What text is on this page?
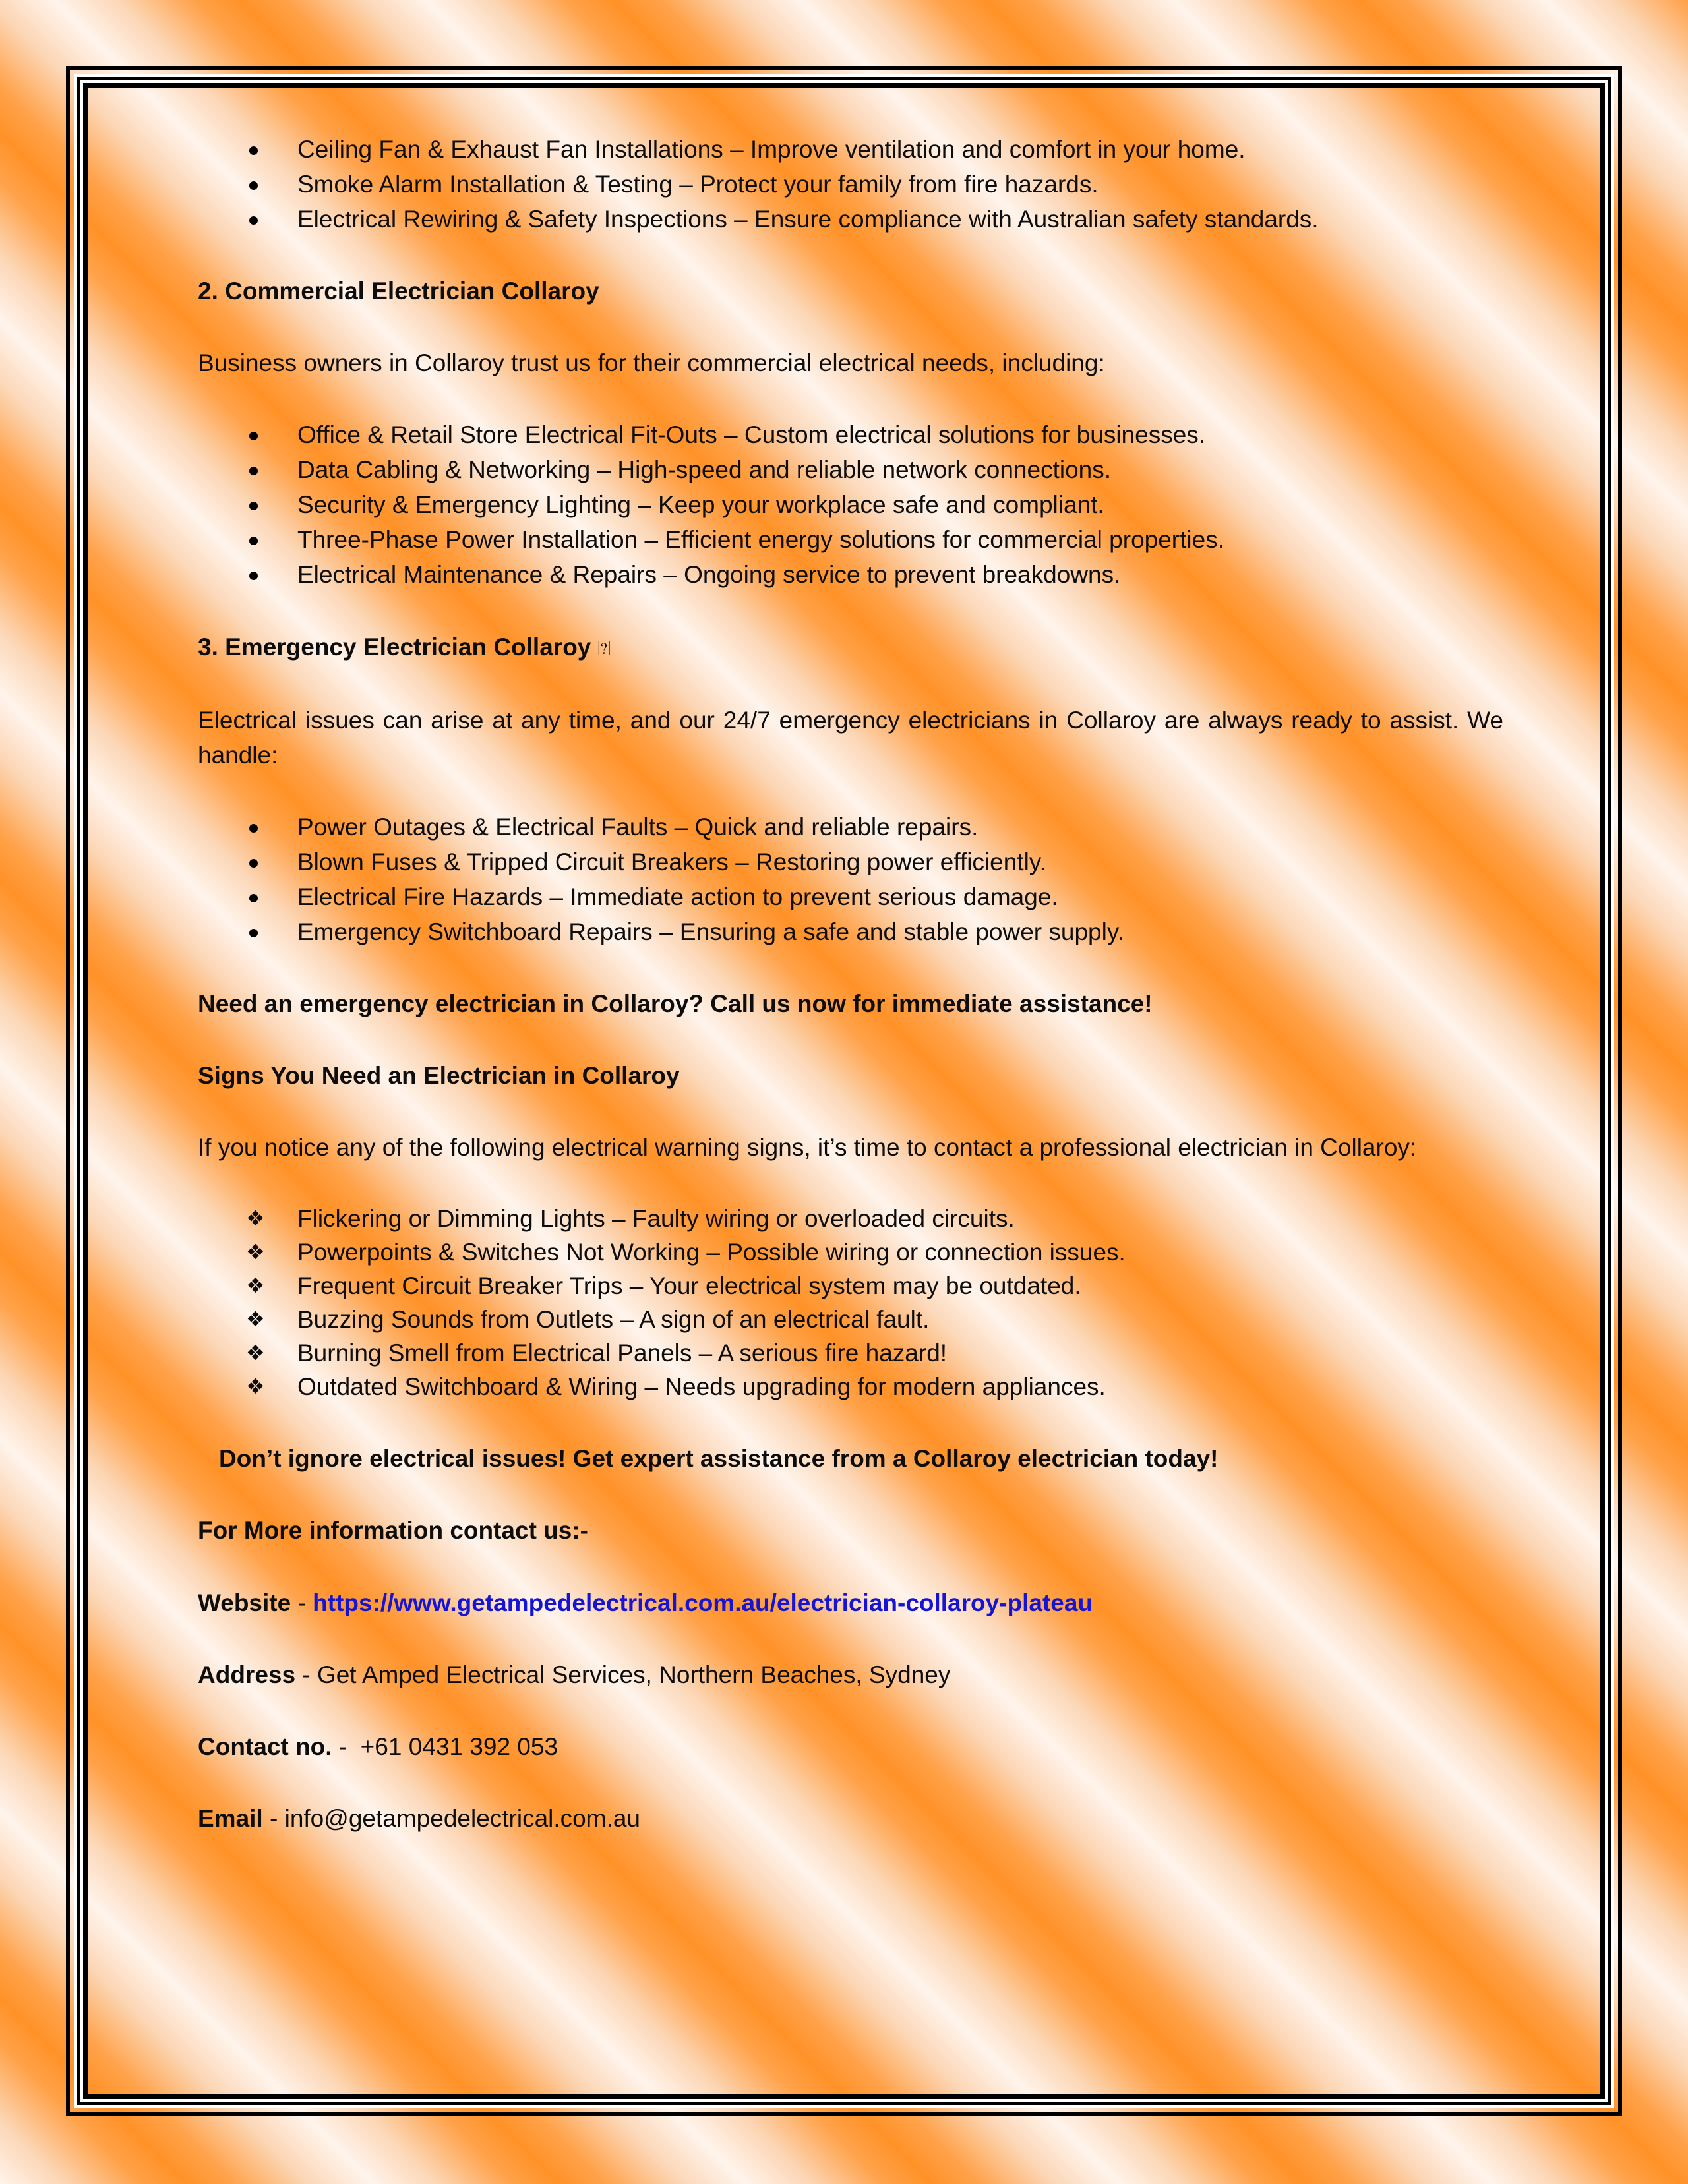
Ceiling Fan & Exhaust Fan Installations – Improve ventilation and comfort in your home.
Smoke Alarm Installation & Testing – Protect your family from fire hazards.
Electrical Rewiring & Safety Inspections – Ensure compliance with Australian safety standards.

2. Commercial Electrician Collaroy

Business owners in Collaroy trust us for their commercial electrical needs, including:

Office & Retail Store Electrical Fit-Outs – Custom electrical solutions for businesses.
Data Cabling & Networking – High-speed and reliable network connections.
Security & Emergency Lighting – Keep your workplace safe and compliant.
Three-Phase Power Installation – Efficient energy solutions for commercial properties.
Electrical Maintenance & Repairs – Ongoing service to prevent breakdowns.

3. Emergency Electrician Collaroy ⍰

Electrical issues can arise at any time, and our 24/7 emergency electricians in Collaroy are always ready to assist. We handle:

Power Outages & Electrical Faults – Quick and reliable repairs.
Blown Fuses & Tripped Circuit Breakers – Restoring power efficiently.
Electrical Fire Hazards – Immediate action to prevent serious damage.
Emergency Switchboard Repairs – Ensuring a safe and stable power supply.

Need an emergency electrician in Collaroy? Call us now for immediate assistance!

Signs You Need an Electrician in Collaroy

If you notice any of the following electrical warning signs, it’s time to contact a professional electrician in Collaroy:

❖ Flickering or Dimming Lights – Faulty wiring or overloaded circuits.
❖ Powerpoints & Switches Not Working – Possible wiring or connection issues.
❖ Frequent Circuit Breaker Trips – Your electrical system may be outdated.
❖ Buzzing Sounds from Outlets – A sign of an electrical fault.
❖ Burning Smell from Electrical Panels – A serious fire hazard!
❖ Outdated Switchboard & Wiring – Needs upgrading for modern appliances.

Don’t ignore electrical issues! Get expert assistance from a Collaroy electrician today!

For More information contact us:-

Website - https://www.getampedelectrical.com.au/electrician-collaroy-plateau

Address - Get Amped Electrical Services, Northern Beaches, Sydney

Contact no. -  +61 0431 392 053

Email - info@getampedelectrical.com.au
